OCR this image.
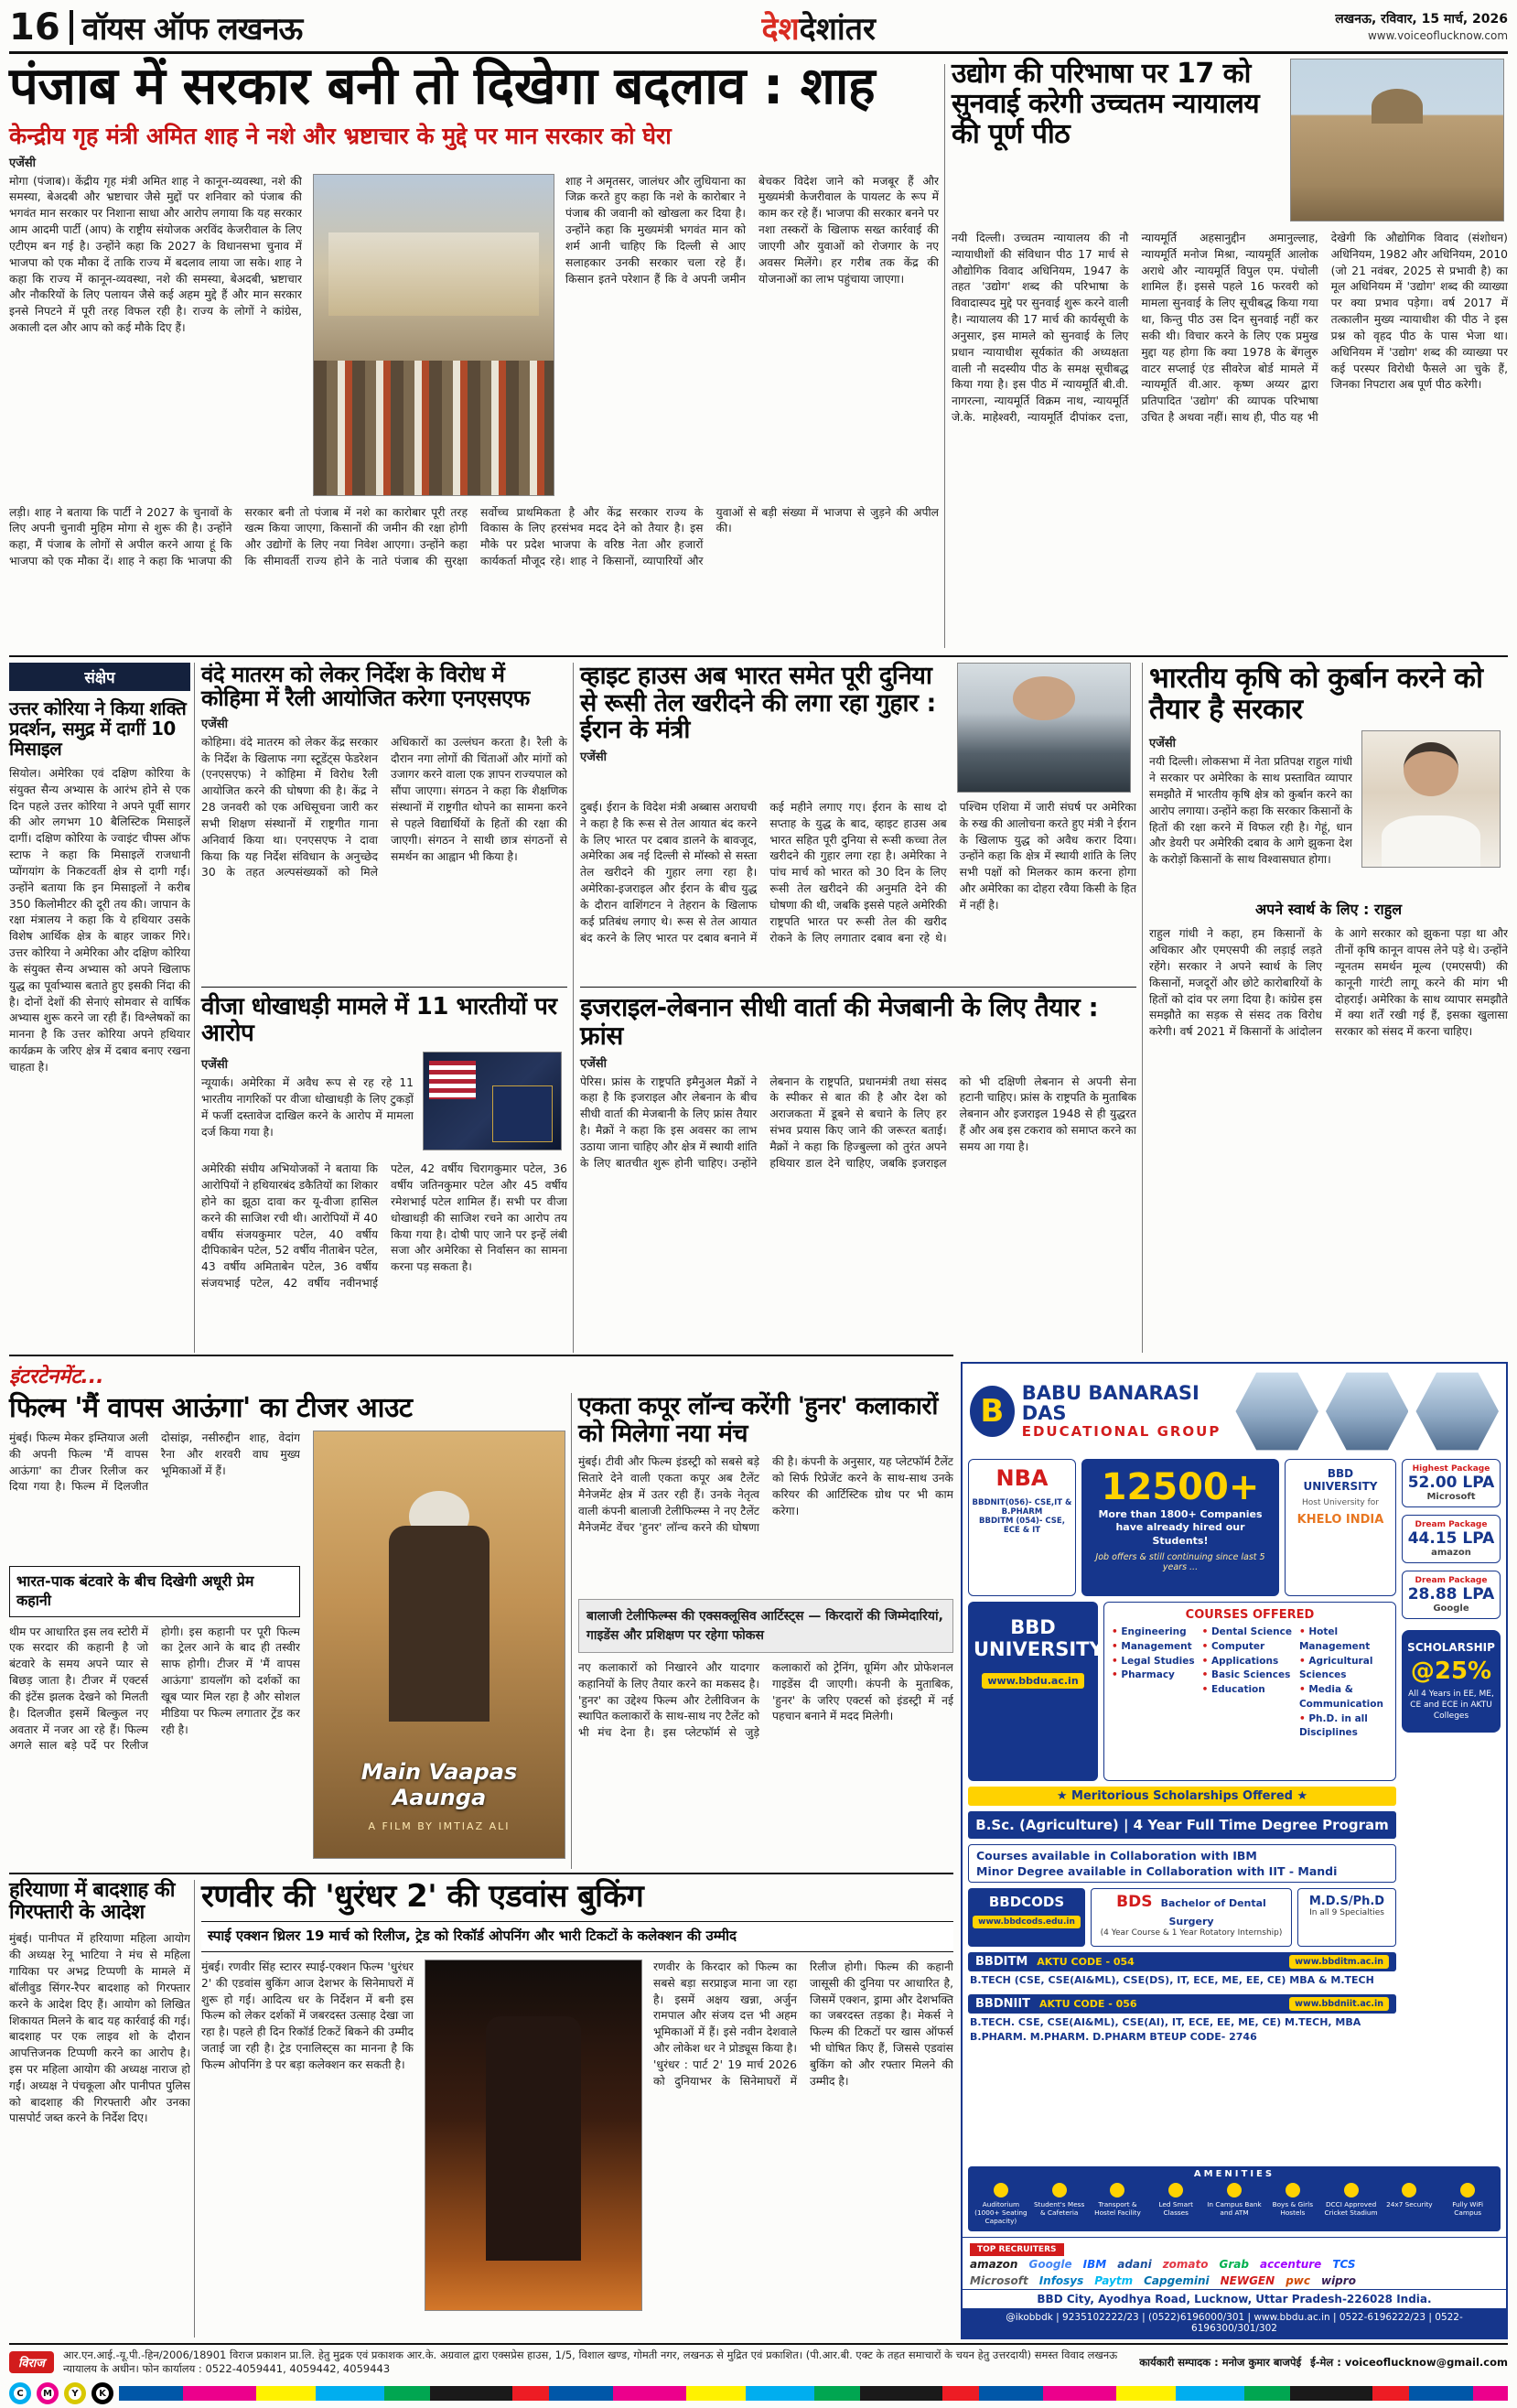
16 वॉयस ऑफ लखनऊ	देशदेशांतर	लखनऊ, रविवार, 15 मार्च, 2026
www.voiceoflucknow.com
पंजाब में सरकार बनी तो दिखेगा बदलाव : शाह
केन्द्रीय गृह मंत्री अमित शाह ने नशे और भ्रष्टाचार के मुद्दे पर मान सरकार को घेरा
एजेंसी
मोगा (पंजाब)। केंद्रीय गृह मंत्री अमित शाह ने कानून-व्यवस्था, नशे की समस्या, बेअदबी और भ्रष्टाचार जैसे मुद्दों पर शनिवार को पंजाब की भगवंत मान सरकार पर निशाना साधा और आरोप लगाया कि यह सरकार आम आदमी पार्टी (आप) के राष्ट्रीय संयोजक अरविंद केजरीवाल के लिए एटीएम बन गई है। उन्होंने कहा कि 2027 के विधानसभा चुनाव में भाजपा को एक मौका दें ताकि राज्य में बदलाव लाया जा सके। शाह ने कहा कि राज्य में कानून-व्यवस्था, नशे की समस्या, बेअदबी, भ्रष्टाचार और नौकरियों के लिए पलायन जैसे कई अहम मुद्दे हैं और मान सरकार इनसे निपटने में पूरी तरह विफल रही है। राज्य के लोगों ने कांग्रेस, अकाली दल और आप को कई मौके दिए हैं।
शाह ने अमृतसर, जालंधर और लुधियाना का जिक्र करते हुए कहा कि नशे के कारोबार ने पंजाब की जवानी को खोखला कर दिया है। उन्होंने कहा कि मुख्यमंत्री भगवंत मान को शर्म आनी चाहिए कि दिल्ली से आए सलाहकार उनकी सरकार चला रहे हैं। किसान इतने परेशान हैं कि वे अपनी जमीन बेचकर विदेश जाने को मजबूर हैं और मुख्यमंत्री केजरीवाल के पायलट के रूप में काम कर रहे हैं। भाजपा की सरकार बनने पर नशा तस्करों के खिलाफ सख्त कार्रवाई की जाएगी और युवाओं को रोजगार के नए अवसर मिलेंगे। हर गरीब तक केंद्र की योजनाओं का लाभ पहुंचाया जाएगा।
लड़ी। शाह ने बताया कि पार्टी ने 2027 के चुनावों के लिए अपनी चुनावी मुहिम मोगा से शुरू की है। उन्होंने कहा, मैं पंजाब के लोगों से अपील करने आया हूं कि भाजपा को एक मौका दें। शाह ने कहा कि भाजपा की सरकार बनी तो पंजाब में नशे का कारोबार पूरी तरह खत्म किया जाएगा, किसानों की जमीन की रक्षा होगी और उद्योगों के लिए नया निवेश आएगा। उन्होंने कहा कि सीमावर्ती राज्य होने के नाते पंजाब की सुरक्षा सर्वोच्च प्राथमिकता है और केंद्र सरकार राज्य के विकास के लिए हरसंभव मदद देने को तैयार है। इस मौके पर प्रदेश भाजपा के वरिष्ठ नेता और हजारों कार्यकर्ता मौजूद रहे। शाह ने किसानों, व्यापारियों और युवाओं से बड़ी संख्या में भाजपा से जुड़ने की अपील की।
उद्योग की परिभाषा पर 17 को सुनवाई करेगी उच्चतम न्यायालय की पूर्ण पीठ
नयी दिल्ली। उच्चतम न्यायालय की नौ न्यायाधीशों की संविधान पीठ 17 मार्च से औद्योगिक विवाद अधिनियम, 1947 के तहत 'उद्योग' शब्द की परिभाषा के विवादास्पद मुद्दे पर सुनवाई शुरू करने वाली है। न्यायालय की 17 मार्च की कार्यसूची के अनुसार, इस मामले को सुनवाई के लिए प्रधान न्यायाधीश सूर्यकांत की अध्यक्षता वाली नौ सदस्यीय पीठ के समक्ष सूचीबद्ध किया गया है। इस पीठ में न्यायमूर्ति बी.वी. नागरत्ना, न्यायमूर्ति विक्रम नाथ, न्यायमूर्ति जे.के. माहेश्वरी, न्यायमूर्ति दीपांकर दत्ता, न्यायमूर्ति अहसानुद्दीन अमानुल्लाह, न्यायमूर्ति मनोज मिश्रा, न्यायमूर्ति आलोक अराधे और न्यायमूर्ति विपुल एम. पंचोली शामिल हैं। इससे पहले 16 फरवरी को मामला सुनवाई के लिए सूचीबद्ध किया गया था, किन्तु पीठ उस दिन सुनवाई नहीं कर सकी थी। विचार करने के लिए एक प्रमुख मुद्दा यह होगा कि क्या 1978 के बेंगलुरु वाटर सप्लाई एंड सीवरेज बोर्ड मामले में न्यायमूर्ति वी.आर. कृष्ण अय्यर द्वारा प्रतिपादित 'उद्योग' की व्यापक परिभाषा उचित है अथवा नहीं। साथ ही, पीठ यह भी देखेगी कि औद्योगिक विवाद (संशोधन) अधिनियम, 1982 और अधिनियम, 2010 (जो 21 नवंबर, 2025 से प्रभावी है) का मूल अधिनियम में 'उद्योग' शब्द की व्याख्या पर क्या प्रभाव पड़ेगा। वर्ष 2017 में तत्कालीन मुख्य न्यायाधीश की पीठ ने इस प्रश्न को वृहद पीठ के पास भेजा था। अधिनियम में 'उद्योग' शब्द की व्याख्या पर कई परस्पर विरोधी फैसले आ चुके हैं, जिनका निपटारा अब पूर्ण पीठ करेगी।
संक्षेप
उत्तर कोरिया ने किया शक्ति प्रदर्शन, समुद्र में दागीं 10 मिसाइल
सियोल। अमेरिका एवं दक्षिण कोरिया के संयुक्त सैन्य अभ्यास के आरंभ होने से एक दिन पहले उत्तर कोरिया ने अपने पूर्वी सागर की ओर लगभग 10 बैलिस्टिक मिसाइलें दागीं। दक्षिण कोरिया के ज्वाइंट चीफ्स ऑफ स्टाफ ने कहा कि मिसाइलें राजधानी प्योंगयांग के निकटवर्ती क्षेत्र से दागी गईं। उन्होंने बताया कि इन मिसाइलों ने करीब 350 किलोमीटर की दूरी तय की। जापान के रक्षा मंत्रालय ने कहा कि ये हथियार उसके विशेष आर्थिक क्षेत्र के बाहर जाकर गिरे। उत्तर कोरिया ने अमेरिका और दक्षिण कोरिया के संयुक्त सैन्य अभ्यास को अपने खिलाफ युद्ध का पूर्वाभ्यास बताते हुए इसकी निंदा की है। दोनों देशों की सेनाएं सोमवार से वार्षिक अभ्यास शुरू करने जा रही हैं। विश्लेषकों का मानना है कि उत्तर कोरिया अपने हथियार कार्यक्रम के जरिए क्षेत्र में दबाव बनाए रखना चाहता है।
वंदे मातरम को लेकर निर्देश के विरोध में कोहिमा में रैली आयोजित करेगा एनएसएफ
एजेंसी
कोहिमा। वंदे मातरम को लेकर केंद्र सरकार के निर्देश के खिलाफ नगा स्टूडेंट्स फेडरेशन (एनएसएफ) ने कोहिमा में विरोध रैली आयोजित करने की घोषणा की है। केंद्र ने 28 जनवरी को एक अधिसूचना जारी कर सभी शिक्षण संस्थानों में राष्ट्रगीत गाना अनिवार्य किया था। एनएसएफ ने दावा किया कि यह निर्देश संविधान के अनुच्छेद 30 के तहत अल्पसंख्यकों को मिले अधिकारों का उल्लंघन करता है। रैली के दौरान नगा लोगों की चिंताओं और मांगों को उजागर करने वाला एक ज्ञापन राज्यपाल को सौंपा जाएगा। संगठन ने कहा कि शैक्षणिक संस्थानों में राष्ट्रगीत थोपने का सामना करने से पहले विद्यार्थियों के हितों की रक्षा की जाएगी। संगठन ने साथी छात्र संगठनों से समर्थन का आह्वान भी किया है।
वीजा धोखाधड़ी मामले में 11 भारतीयों पर आरोप
एजेंसी
न्यूयार्क। अमेरिका में अवैध रूप से रह रहे 11 भारतीय नागरिकों पर वीजा धोखाधड़ी के लिए टुकड़ों में फर्जी दस्तावेज दाखिल करने के आरोप में मामला दर्ज किया गया है।
अमेरिकी संघीय अभियोजकों ने बताया कि आरोपियों ने हथियारबंद डकैतियों का शिकार होने का झूठा दावा कर यू-वीजा हासिल करने की साजिश रची थी। आरोपियों में 40 वर्षीय संजयकुमार पटेल, 40 वर्षीय दीपिकाबेन पटेल, 52 वर्षीय नीताबेन पटेल, 43 वर्षीय अमिताबेन पटेल, 36 वर्षीय संजयभाई पटेल, 42 वर्षीय नवीनभाई पटेल, 42 वर्षीय चिरागकुमार पटेल, 36 वर्षीय जतिनकुमार पटेल और 45 वर्षीय रमेशभाई पटेल शामिल हैं। सभी पर वीजा धोखाधड़ी की साजिश रचने का आरोप तय किया गया है। दोषी पाए जाने पर इन्हें लंबी सजा और अमेरिका से निर्वासन का सामना करना पड़ सकता है।
व्हाइट हाउस अब भारत समेत पूरी दुनिया से रूसी तेल खरीदने की लगा रहा गुहार : ईरान के मंत्री
एजेंसी
दुबई। ईरान के विदेश मंत्री अब्बास अराघची ने कहा है कि रूस से तेल आयात बंद करने के लिए भारत पर दबाव डालने के बावजूद, अमेरिका अब नई दिल्ली से मॉस्को से सस्ता तेल खरीदने की गुहार लगा रहा है। अमेरिका-इजराइल और ईरान के बीच युद्ध के दौरान वाशिंगटन ने तेहरान के खिलाफ कई प्रतिबंध लगाए थे। रूस से तेल आयात बंद करने के लिए भारत पर दबाव बनाने में कई महीने लगाए गए। ईरान के साथ दो सप्ताह के युद्ध के बाद, व्हाइट हाउस अब भारत सहित पूरी दुनिया से रूसी कच्चा तेल खरीदने की गुहार लगा रहा है। अमेरिका ने पांच मार्च को भारत को 30 दिन के लिए रूसी तेल खरीदने की अनुमति देने की घोषणा की थी, जबकि इससे पहले अमेरिकी राष्ट्रपति भारत पर रूसी तेल की खरीद रोकने के लिए लगातार दबाव बना रहे थे। पश्चिम एशिया में जारी संघर्ष पर अमेरिका के रुख की आलोचना करते हुए मंत्री ने ईरान के खिलाफ युद्ध को अवैध करार दिया। उन्होंने कहा कि क्षेत्र में स्थायी शांति के लिए सभी पक्षों को मिलकर काम करना होगा और अमेरिका का दोहरा रवैया किसी के हित में नहीं है।
इजराइल-लेबनान सीधी वार्ता की मेजबानी के लिए तैयार : फ्रांस
एजेंसी
पेरिस। फ्रांस के राष्ट्रपति इमैनुअल मैक्रों ने कहा है कि इजराइल और लेबनान के बीच सीधी वार्ता की मेजबानी के लिए फ्रांस तैयार है। मैक्रों ने कहा कि इस अवसर का लाभ उठाया जाना चाहिए और क्षेत्र में स्थायी शांति के लिए बातचीत शुरू होनी चाहिए। उन्होंने लेबनान के राष्ट्रपति, प्रधानमंत्री तथा संसद के स्पीकर से बात की है और देश को अराजकता में डूबने से बचाने के लिए हर संभव प्रयास किए जाने की जरूरत बताई। मैक्रों ने कहा कि हिज्बुल्ला को तुरंत अपने हथियार डाल देने चाहिए, जबकि इजराइल को भी दक्षिणी लेबनान से अपनी सेना हटानी चाहिए। फ्रांस के राष्ट्रपति के मुताबिक लेबनान और इजराइल 1948 से ही युद्धरत हैं और अब इस टकराव को समाप्त करने का समय आ गया है।
भारतीय कृषि को कुर्बान करने को तैयार है सरकार
एजेंसी
नयी दिल्ली। लोकसभा में नेता प्रतिपक्ष राहुल गांधी ने सरकार पर अमेरिका के साथ प्रस्तावित व्यापार समझौते में भारतीय कृषि क्षेत्र को कुर्बान करने का आरोप लगाया। उन्होंने कहा कि सरकार किसानों के हितों की रक्षा करने में विफल रही है। गेहूं, धान और डेयरी पर अमेरिकी दबाव के आगे झुकना देश के करोड़ों किसानों के साथ विश्वासघात होगा।
अपने स्वार्थ के लिए : राहुल
राहुल गांधी ने कहा, हम किसानों के अधिकार और एमएसपी की लड़ाई लड़ते रहेंगे। सरकार ने अपने स्वार्थ के लिए किसानों, मजदूरों और छोटे कारोबारियों के हितों को दांव पर लगा दिया है। कांग्रेस इस समझौते का सड़क से संसद तक विरोध करेगी। वर्ष 2021 में किसानों के आंदोलन के आगे सरकार को झुकना पड़ा था और तीनों कृषि कानून वापस लेने पड़े थे। उन्होंने न्यूनतम समर्थन मूल्य (एमएसपी) की कानूनी गारंटी लागू करने की मांग भी दोहराई। अमेरिका के साथ व्यापार समझौते में क्या शर्तें रखी गई हैं, इसका खुलासा सरकार को संसद में करना चाहिए।
इंटरटेनमेंट...
फिल्म 'मैं वापस आऊंगा' का टीजर आउट
मुंबई। फिल्म मेकर इम्तियाज अली की अपनी फिल्म 'मैं वापस आऊंगा' का टीजर रिलीज कर दिया गया है। फिल्म में दिलजीत दोसांझ, नसीरुद्दीन शाह, वेदांग रैना और शरवरी वाघ मुख्य भूमिकाओं में हैं।
भारत-पाक बंटवारे के बीच दिखेगी अधूरी प्रेम कहानी
थीम पर आधारित इस लव स्टोरी में एक सरदार की कहानी है जो बंटवारे के समय अपने प्यार से बिछड़ जाता है। टीजर में एक्टर्स की इंटेंस झलक देखने को मिलती है। दिलजीत इसमें बिल्कुल नए अवतार में नजर आ रहे हैं। फिल्म अगले साल बड़े पर्दे पर रिलीज होगी। इस कहानी पर पूरी फिल्म का ट्रेलर आने के बाद ही तस्वीर साफ होगी। टीजर में 'मैं वापस आऊंगा' डायलॉग को दर्शकों का खूब प्यार मिल रहा है और सोशल मीडिया पर फिल्म लगातार ट्रेंड कर रही है।
Main Vaapas Aaunga
A FILM BY IMTIAZ ALI
एकता कपूर लॉन्च करेंगी 'हुनर' कलाकारों को मिलेगा नया मंच
मुंबई। टीवी और फिल्म इंडस्ट्री को सबसे बड़े सितारे देने वाली एकता कपूर अब टैलेंट मैनेजमेंट क्षेत्र में उतर रही हैं। उनके नेतृत्व वाली कंपनी बालाजी टेलीफिल्म्स ने नए टैलेंट मैनेजमेंट वेंचर 'हुनर' लॉन्च करने की घोषणा की है। कंपनी के अनुसार, यह प्लेटफॉर्म टैलेंट को सिर्फ रिप्रेजेंट करने के साथ-साथ उनके करियर की आर्टिस्टिक ग्रोथ पर भी काम करेगा।
बालाजी टेलीफिल्म्स की एक्सक्लूसिव आर्टिस्ट्स — किरदारों की जिम्मेदारियां, गाइडेंस और प्रशिक्षण पर रहेगा फोकस
नए कलाकारों को निखारने और यादगार कहानियों के लिए तैयार करने का मकसद है। 'हुनर' का उद्देश्य फिल्म और टेलीविजन के स्थापित कलाकारों के साथ-साथ नए टैलेंट को भी मंच देना है। इस प्लेटफॉर्म से जुड़े कलाकारों को ट्रेनिंग, ग्रूमिंग और प्रोफेशनल गाइडेंस दी जाएगी। कंपनी के मुताबिक, 'हुनर' के जरिए एक्टर्स को इंडस्ट्री में नई पहचान बनाने में मदद मिलेगी।
हरियाणा में बादशाह की गिरफ्तारी के आदेश
मुंबई। पानीपत में हरियाणा महिला आयोग की अध्यक्ष रेनू भाटिया ने मंच से महिला गायिका पर अभद्र टिप्पणी के मामले में बॉलीवुड सिंगर-रैपर बादशाह को गिरफ्तार करने के आदेश दिए हैं। आयोग को लिखित शिकायत मिलने के बाद यह कार्रवाई की गई। बादशाह पर एक लाइव शो के दौरान आपत्तिजनक टिप्पणी करने का आरोप है। इस पर महिला आयोग की अध्यक्ष नाराज हो गईं। अध्यक्ष ने पंचकूला और पानीपत पुलिस को बादशाह की गिरफ्तारी और उनका पासपोर्ट जब्त करने के निर्देश दिए।
रणवीर की 'धुरंधर 2' की एडवांस बुकिंग
स्पाई एक्शन थ्रिलर 19 मार्च को रिलीज, ट्रेड को रिकॉर्ड ओपनिंग और भारी टिकटों के कलेक्शन की उम्मीद
मुंबई। रणवीर सिंह स्टारर स्पाई-एक्शन फिल्म 'धुरंधर 2' की एडवांस बुकिंग आज देशभर के सिनेमाघरों में शुरू हो गई। आदित्य धर के निर्देशन में बनी इस फिल्म को लेकर दर्शकों में जबरदस्त उत्साह देखा जा रहा है। पहले ही दिन रिकॉर्ड टिकटें बिकने की उम्मीद जताई जा रही है। ट्रेड एनालिस्ट्स का मानना है कि फिल्म ओपनिंग डे पर बड़ा कलेक्शन कर सकती है।
रणवीर के किरदार को फिल्म का सबसे बड़ा सरप्राइज माना जा रहा है। इसमें अक्षय खन्ना, अर्जुन रामपाल और संजय दत्त भी अहम भूमिकाओं में हैं। इसे नवीन देशवाले और लोकेश धर ने प्रोड्यूस किया है। 'धुरंधर : पार्ट 2' 19 मार्च 2026 को दुनियाभर के सिनेमाघरों में रिलीज होगी। फिल्म की कहानी जासूसी की दुनिया पर आधारित है, जिसमें एक्शन, ड्रामा और देशभक्ति का जबरदस्त तड़का है। मेकर्स ने फिल्म की टिकटों पर खास ऑफर्स भी घोषित किए हैं, जिससे एडवांस बुकिंग को और रफ्तार मिलने की उम्मीद है।
B
BABU BANARASI DAS
EDUCATIONAL GROUP
NBA
BBDNIT(056)- CSE,IT & B.PHARM
BBDITM (054)- CSE, ECE & IT
12500+
More than 1800+ Companies have already hired our Students!
Job offers & still continuing since last 5 years ...
BBD UNIVERSITY
Host University for
KHELO INDIA
BBD UNIVERSITY
www.bbdu.ac.in
COURSES OFFERED
• Engineering
• Management
• Legal Studies
• Pharmacy
• Dental Science
• Computer
• Applications
• Basic Sciences
• Education
• Hotel Management
• Agricultural Sciences
• Media & Communication
• Ph.D. in all Disciplines
★ Meritorious Scholarships Offered ★
B.Sc. (Agriculture) | 4 Year Full Time Degree Program
Courses available in Collaboration with IBM
Minor Degree available in Collaboration with IIT - Mandi
BBDCODS
www.bbdcods.edu.in
BDS Bachelor of Dental Surgery
(4 Year Course & 1 Year Rotatory Internship)
M.D.S/Ph.D
In all 9 Specialties
BBDITM AKTU CODE - 054	www.bbditm.ac.in
B.TECH (CSE, CSE(AI&ML), CSE(DS), IT, ECE, ME, EE, CE) MBA & M.TECH
BBDNIIT AKTU CODE - 056	www.bbdniit.ac.in
B.TECH. CSE, CSE(AI&ML), CSE(AI), IT, ECE, EE, ME, CE) M.TECH, MBA
B.PHARM. M.PHARM. D.PHARM BTEUP CODE- 2746
Highest Package
52.00 LPA
Microsoft
Dream Package
44.15 LPA
amazon
Dream Package
28.88 LPA
Google
SCHOLARSHIP
@25%
All 4 Years in EE, ME, CE and ECE in AKTU Colleges
AMENITIES
Auditorium (1000+ Seating Capacity)
Student's Mess & Cafeteria
Transport & Hostel Facility
Led Smart Classes
In Campus Bank and ATM
Boys & Girls Hostels
DCCI Approved Cricket Stadium
24x7 Security	Fully WiFi Campus
TOP RECRUITERS
amazon Google IBM adani zomato Grab accenture TCS
Microsoft Infosys Paytm Capgemini NEWGEN pwc wipro
BBD City, Ayodhya Road, Lucknow, Uttar Pradesh-226028 India.
@ikobbdk | 9235102222/23 | (0522)6196000/301 | www.bbdu.ac.in | 0522-6196222/23 | 0522-6196300/301/302
विराज
आर.एन.आई.-यू.पी.-हिन/2006/18901 विराज प्रकाशन प्रा.लि. हेतु मुद्रक एवं प्रकाशक आर.के. अग्रवाल द्वारा एक्सप्रेस हाउस, 1/5, विशाल खण्ड, गोमती नगर, लखनऊ से मुद्रित एवं प्रकाशित। (पी.आर.बी. एक्ट के तहत समाचारों के चयन हेतु उत्तरदायी) समस्त विवाद लखनऊ न्यायालय के अधीन। फोन कार्यालय : 0522-4059441, 4059442, 4059443
कार्यकारी सम्पादक : मनोज कुमार बाजपेई ई-मेल : voiceoflucknow@gmail.com
C	M	Y	K
